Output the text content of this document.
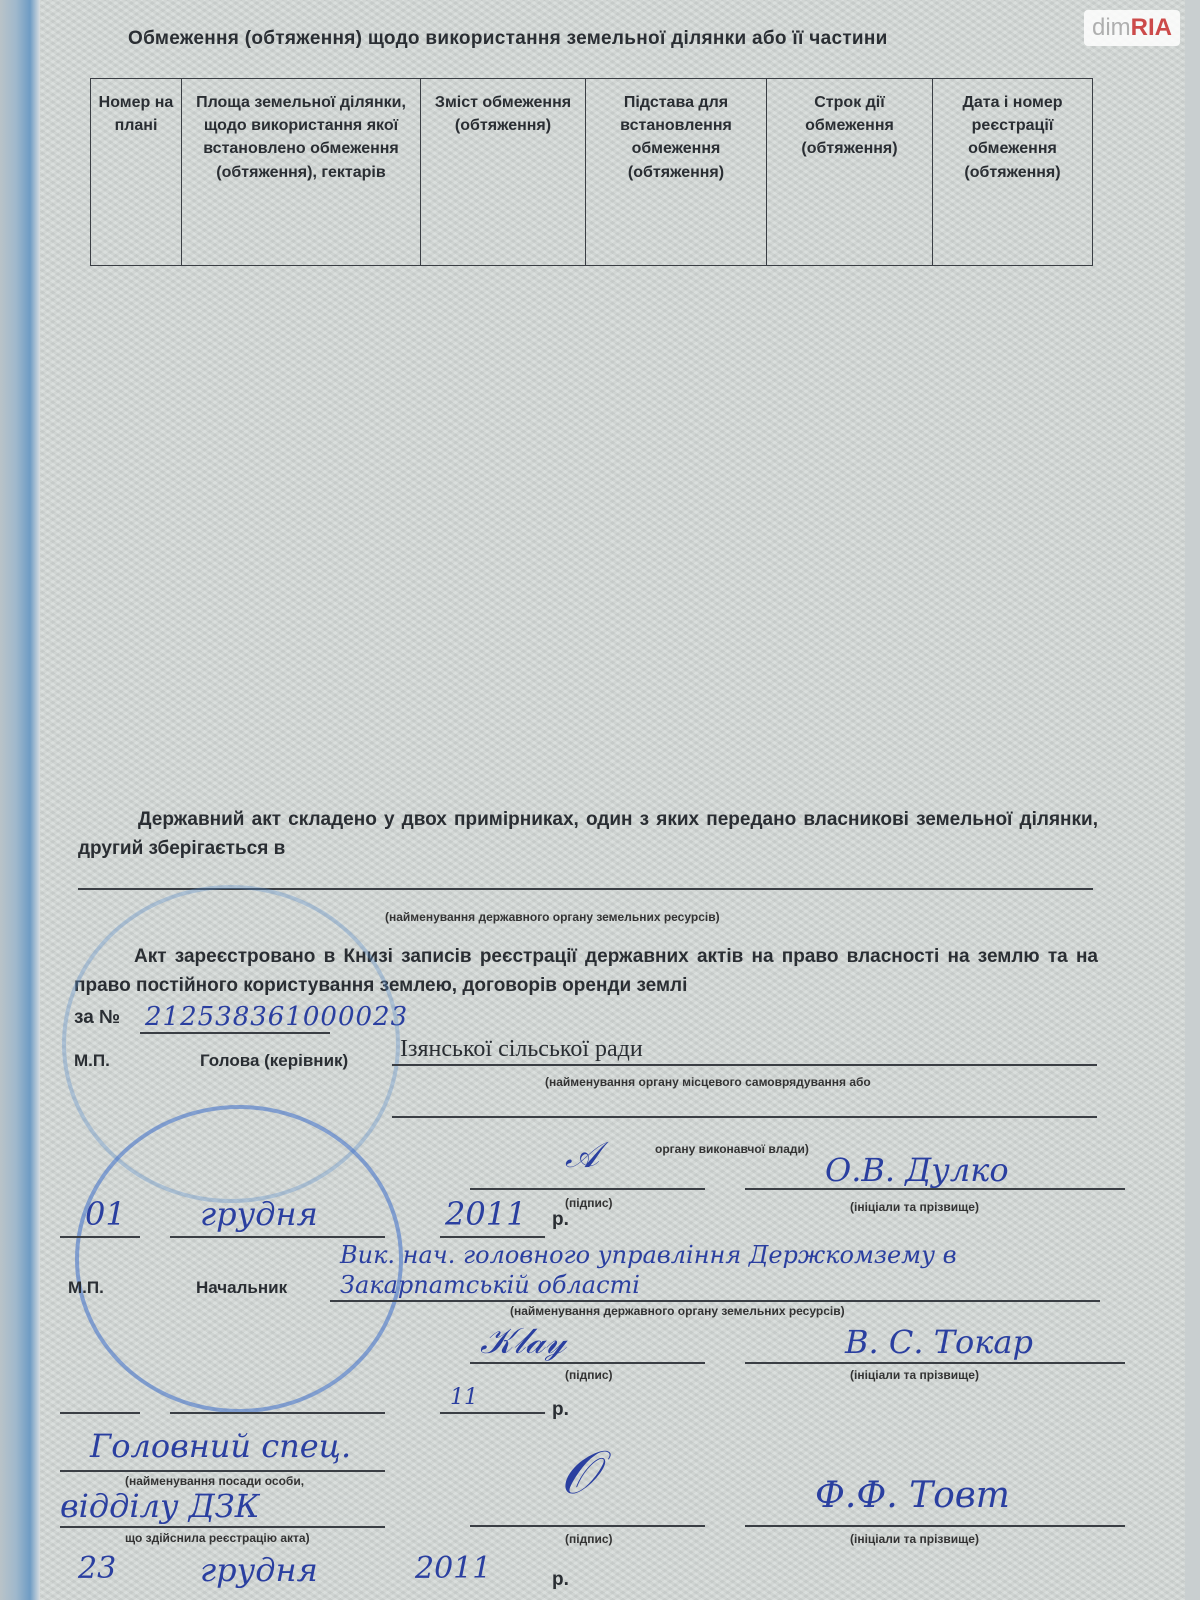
dimRIA
Обмеження (обтяження) щодо використання земельної ділянки або її частини
Номер на плані	Площа земельної ділянки, щодо використання якої встановлено обмеження (обтяження), гектарів	Зміст обмеження (обтяження)	Підстава для встановлення обмеження (обтяження)	Строк дії обмеження (обтяження)	Дата і номер реєстрації обмеження (обтяження)
Державний акт складено у двох примірниках, один з яких передано власникові земельної ділянки, другий зберігається в
(найменування державного органу земельних ресурсів)
Акт зареєстровано в Книзі записів реєстрації державних актів на право власності на землю та на право постійного користування землею, договорів оренди землі
за № 212538361000023
М.П.	Голова (керівник) Ізянської сільської ради
(найменування органу місцевого самоврядування або
органу виконавчої влади)
𝒜
(підпис)
О.В. Дулко
(ініціали та прізвище)
01 грудня	2011 р.
М.П.	Начальник
Вик. нач. головного управління Держкомзему в Закарпатській області
(найменування державного органу земельних ресурсів)
𝒦𝓁𝒶𝓎
(підпис)
В. С. Токар
(ініціали та прізвище)
11	р.
Головний спец.
(найменування посади особи,
відділу ДЗК
що здійснила реєстрацію акта)
𝒪
(підпис)
Ф.Ф. Товт
(ініціали та прізвище)
23	грудня	2011	р.
